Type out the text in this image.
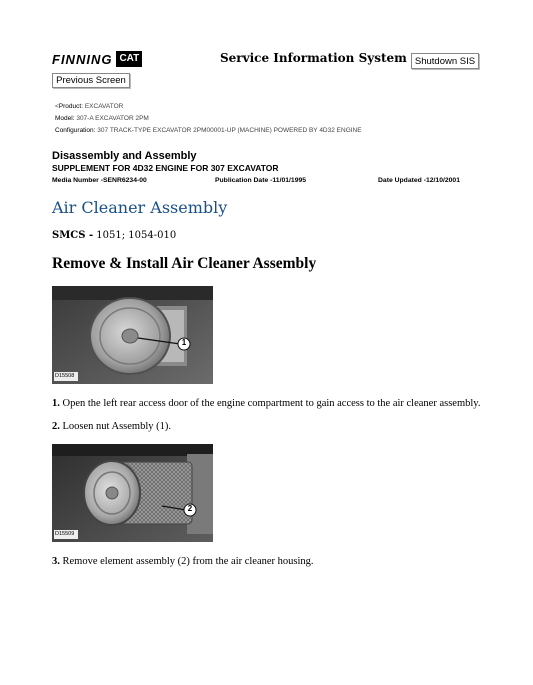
FINNING CAT	Service Information System Shutdown SIS
Previous Screen
<Product: EXCAVATOR
Model: 307-A EXCAVATOR 2PM
Configuration: 307 TRACK-TYPE EXCAVATOR 2PM00001-UP (MACHINE) POWERED BY 4D32 ENGINE
Disassembly and Assembly
SUPPLEMENT FOR 4D32 ENGINE FOR 307 EXCAVATOR
Media Number -SENR6234-00	Publication Date -11/01/1995	Date Updated -12/10/2001
Air Cleaner Assembly
SMCS - 1051; 1054-010
Remove & Install Air Cleaner Assembly
1
D15508
1. Open the left rear access door of the engine compartment to gain access to the air cleaner assembly.
2. Loosen nut Assembly (1).
2
D15509
3. Remove element assembly (2) from the air cleaner housing.
